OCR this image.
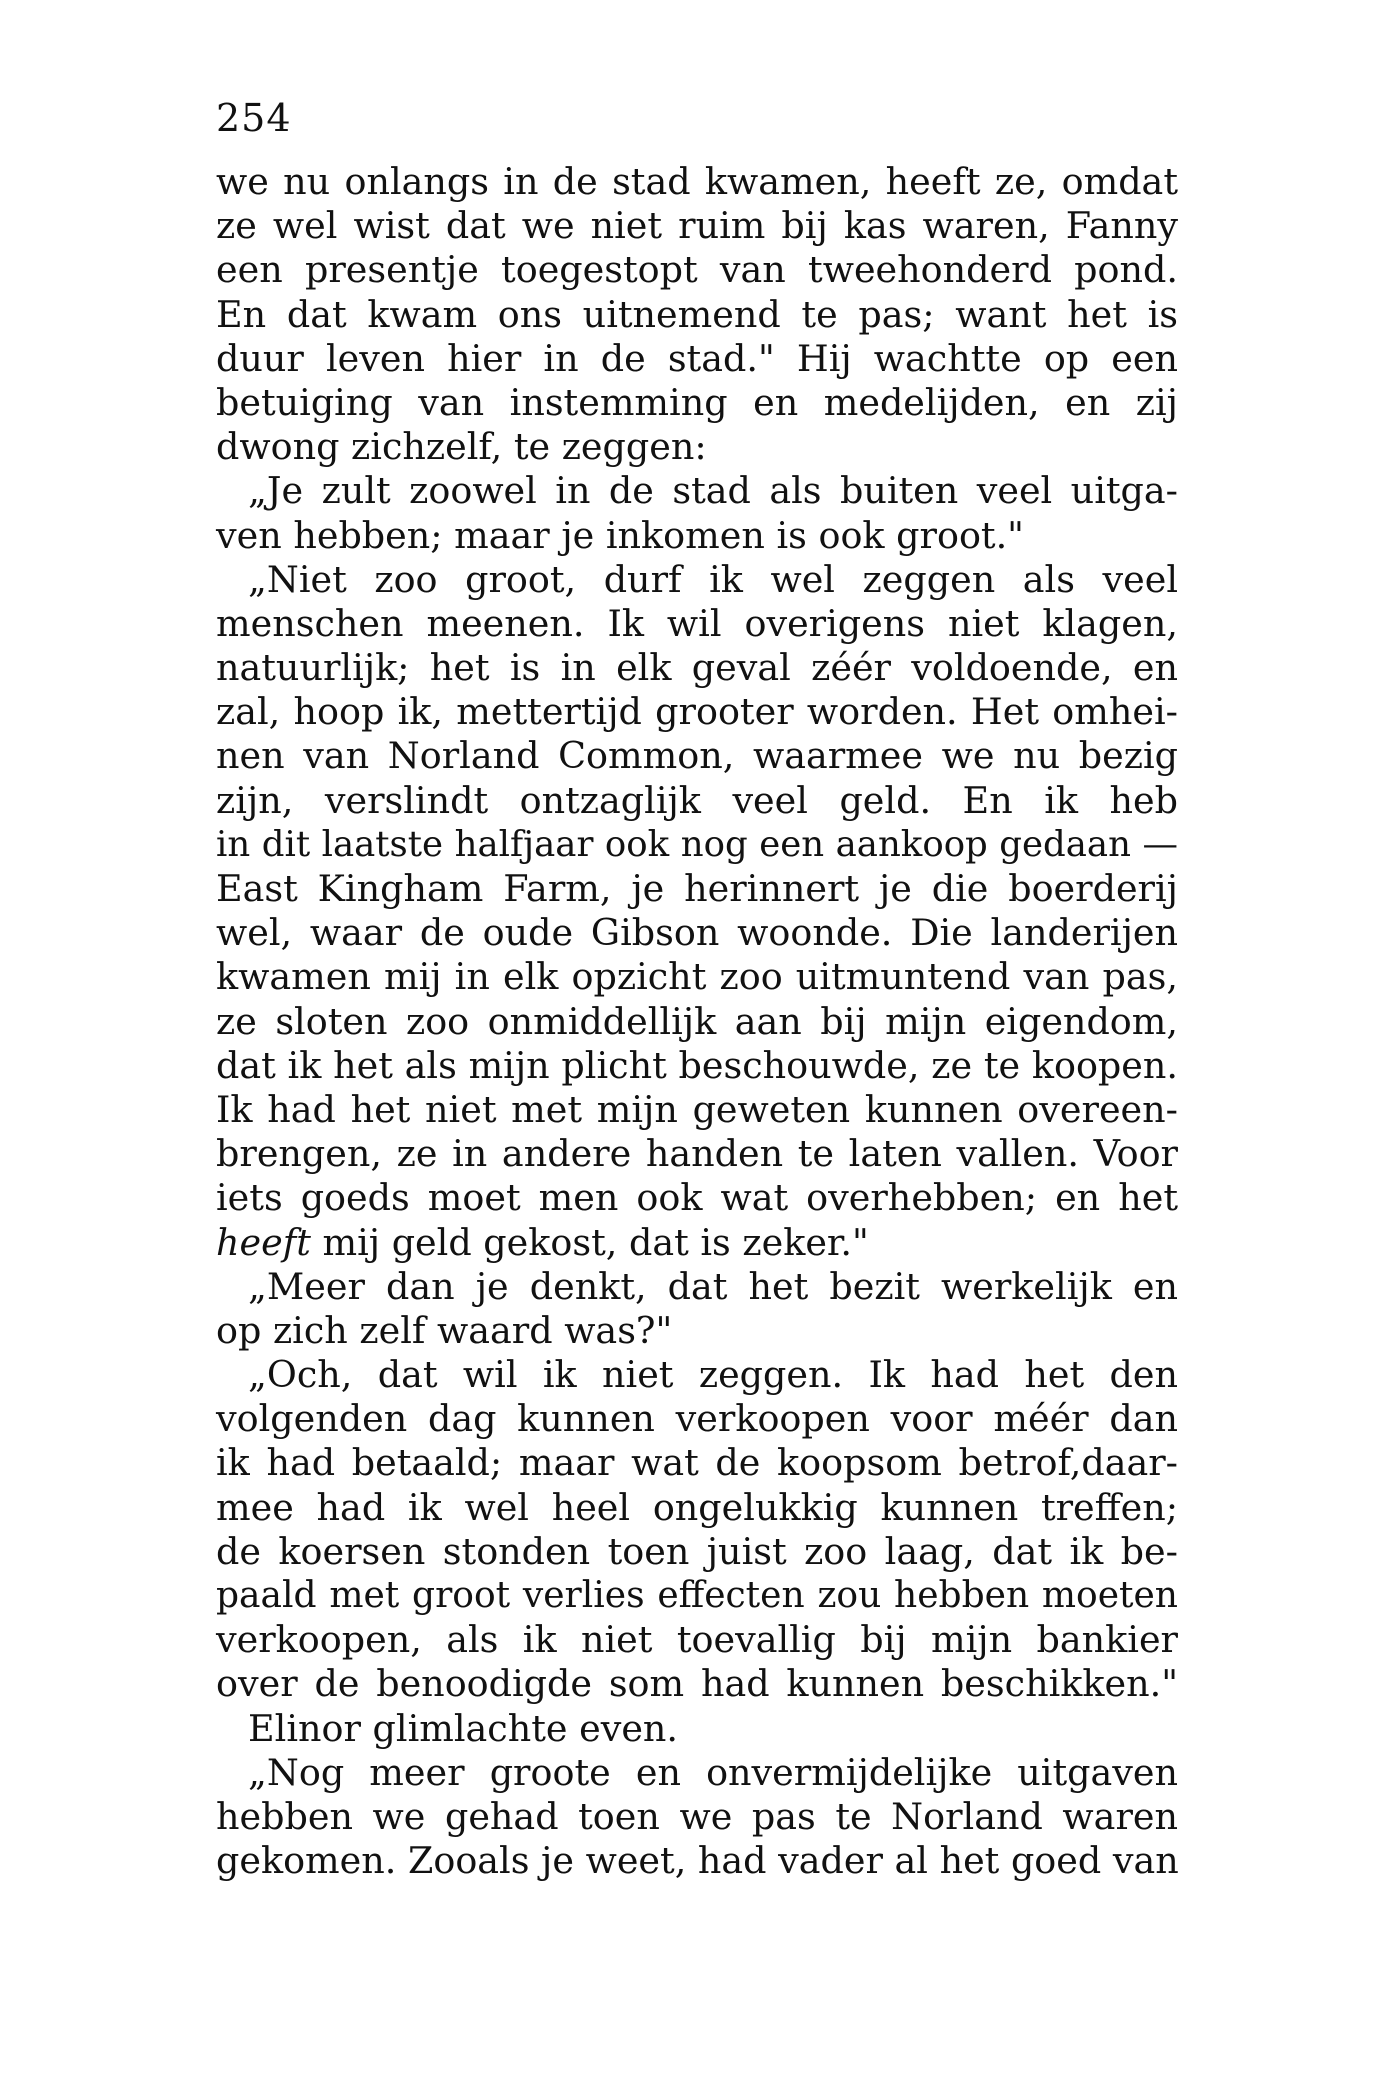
254
we nu onlangs in de stad kwamen, heeft ze, omdat
ze wel wist dat we niet ruim bij kas waren, Fanny
een presentje toegestopt van tweehonderd pond.
En dat kwam ons uitnemend te pas; want het is
duur leven hier in de stad." Hij wachtte op een
betuiging van instemming en medelijden, en zij
dwong zichzelf, te zeggen:
„Je zult zoowel in de stad als buiten veel uitga-
ven hebben; maar je inkomen is ook groot."
„Niet zoo groot, durf ik wel zeggen als veel
menschen meenen. Ik wil overigens niet klagen,
natuurlijk; het is in elk geval zéér voldoende, en
zal, hoop ik, mettertijd grooter worden. Het omhei-
nen van Norland Common, waarmee we nu bezig
zijn, verslindt ontzaglijk veel geld. En ik heb
in dit laatste halfjaar ook nog een aankoop gedaan —
East Kingham Farm, je herinnert je die boerderij
wel, waar de oude Gibson woonde. Die landerijen
kwamen mij in elk opzicht zoo uitmuntend van pas,
ze sloten zoo onmiddellijk aan bij mijn eigendom,
dat ik het als mijn plicht beschouwde, ze te koopen.
Ik had het niet met mijn geweten kunnen overeen-
brengen, ze in andere handen te laten vallen. Voor
iets goeds moet men ook wat overhebben; en het
heeft mij geld gekost, dat is zeker."
„Meer dan je denkt, dat het bezit werkelijk en
op zich zelf waard was?"
„Och, dat wil ik niet zeggen. Ik had het den
volgenden dag kunnen verkoopen voor méér dan
ik had betaald; maar wat de koopsom betrof,daar-
mee had ik wel heel ongelukkig kunnen treffen;
de koersen stonden toen juist zoo laag, dat ik be-
paald met groot verlies effecten zou hebben moeten
verkoopen, als ik niet toevallig bij mijn bankier
over de benoodigde som had kunnen beschikken."
Elinor glimlachte even.
„Nog meer groote en onvermijdelijke uitgaven
hebben we gehad toen we pas te Norland waren
gekomen. Zooals je weet, had vader al het goed van
